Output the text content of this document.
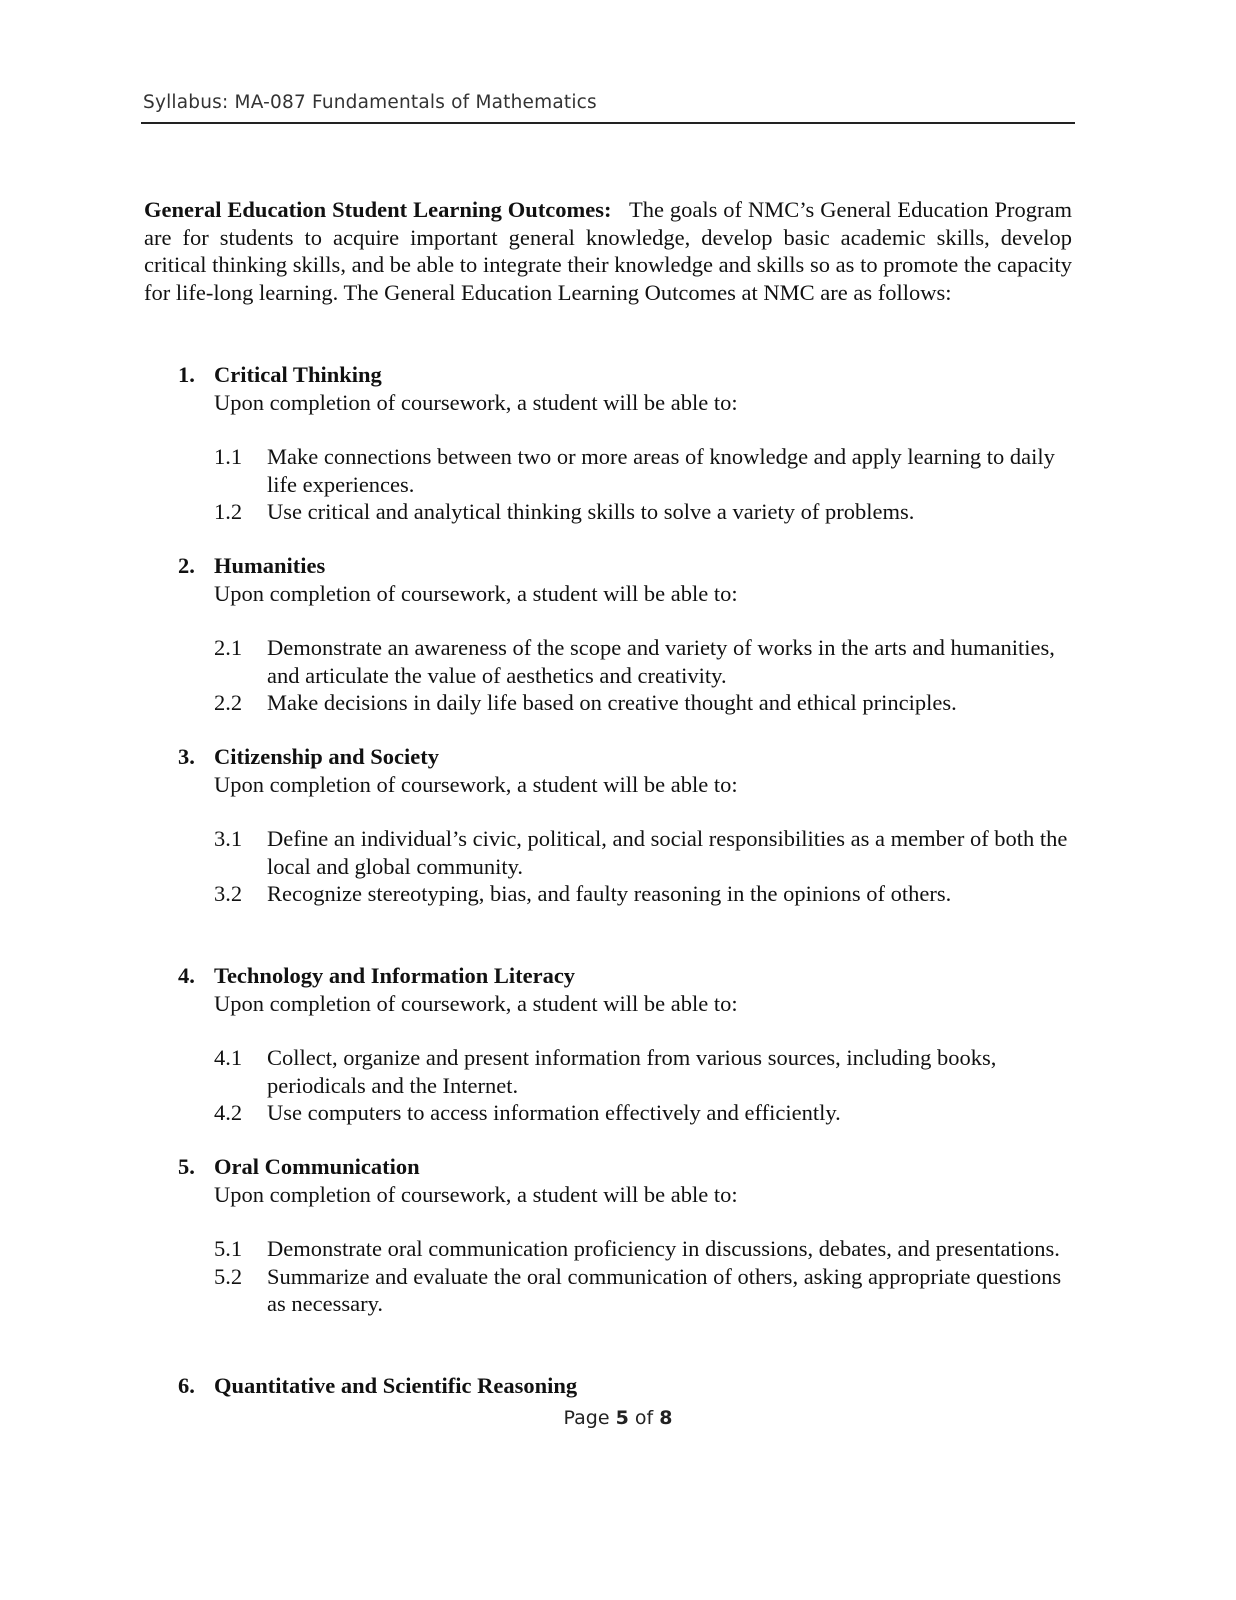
Syllabus: MA-087 Fundamentals of Mathematics
General Education Student Learning Outcomes: The goals of NMC’s General Education Program are for students to acquire important general knowledge, develop basic academic skills, develop critical thinking skills, and be able to integrate their knowledge and skills so as to promote the capacity for life-long learning. The General Education Learning Outcomes at NMC are as follows:
1. Critical Thinking
Upon completion of coursework, a student will be able to:
1.1	Make connections between two or more areas of knowledge and apply learning to daily life experiences.
1.2	Use critical and analytical thinking skills to solve a variety of problems.
2. Humanities
Upon completion of coursework, a student will be able to:
2.1	Demonstrate an awareness of the scope and variety of works in the arts and humanities, and articulate the value of aesthetics and creativity.
2.2	Make decisions in daily life based on creative thought and ethical principles.
3. Citizenship and Society
Upon completion of coursework, a student will be able to:
3.1	Define an individual’s civic, political, and social responsibilities as a member of both the local and global community.
3.2	Recognize stereotyping, bias, and faulty reasoning in the opinions of others.
4. Technology and Information Literacy
Upon completion of coursework, a student will be able to:
4.1	Collect, organize and present information from various sources, including books, periodicals and the Internet.
4.2	Use computers to access information effectively and efficiently.
5. Oral Communication
Upon completion of coursework, a student will be able to:
5.1	Demonstrate oral communication proficiency in discussions, debates, and presentations.
5.2	Summarize and evaluate the oral communication of others, asking appropriate questions as necessary.
6. Quantitative and Scientific Reasoning
Page 5 of 8
